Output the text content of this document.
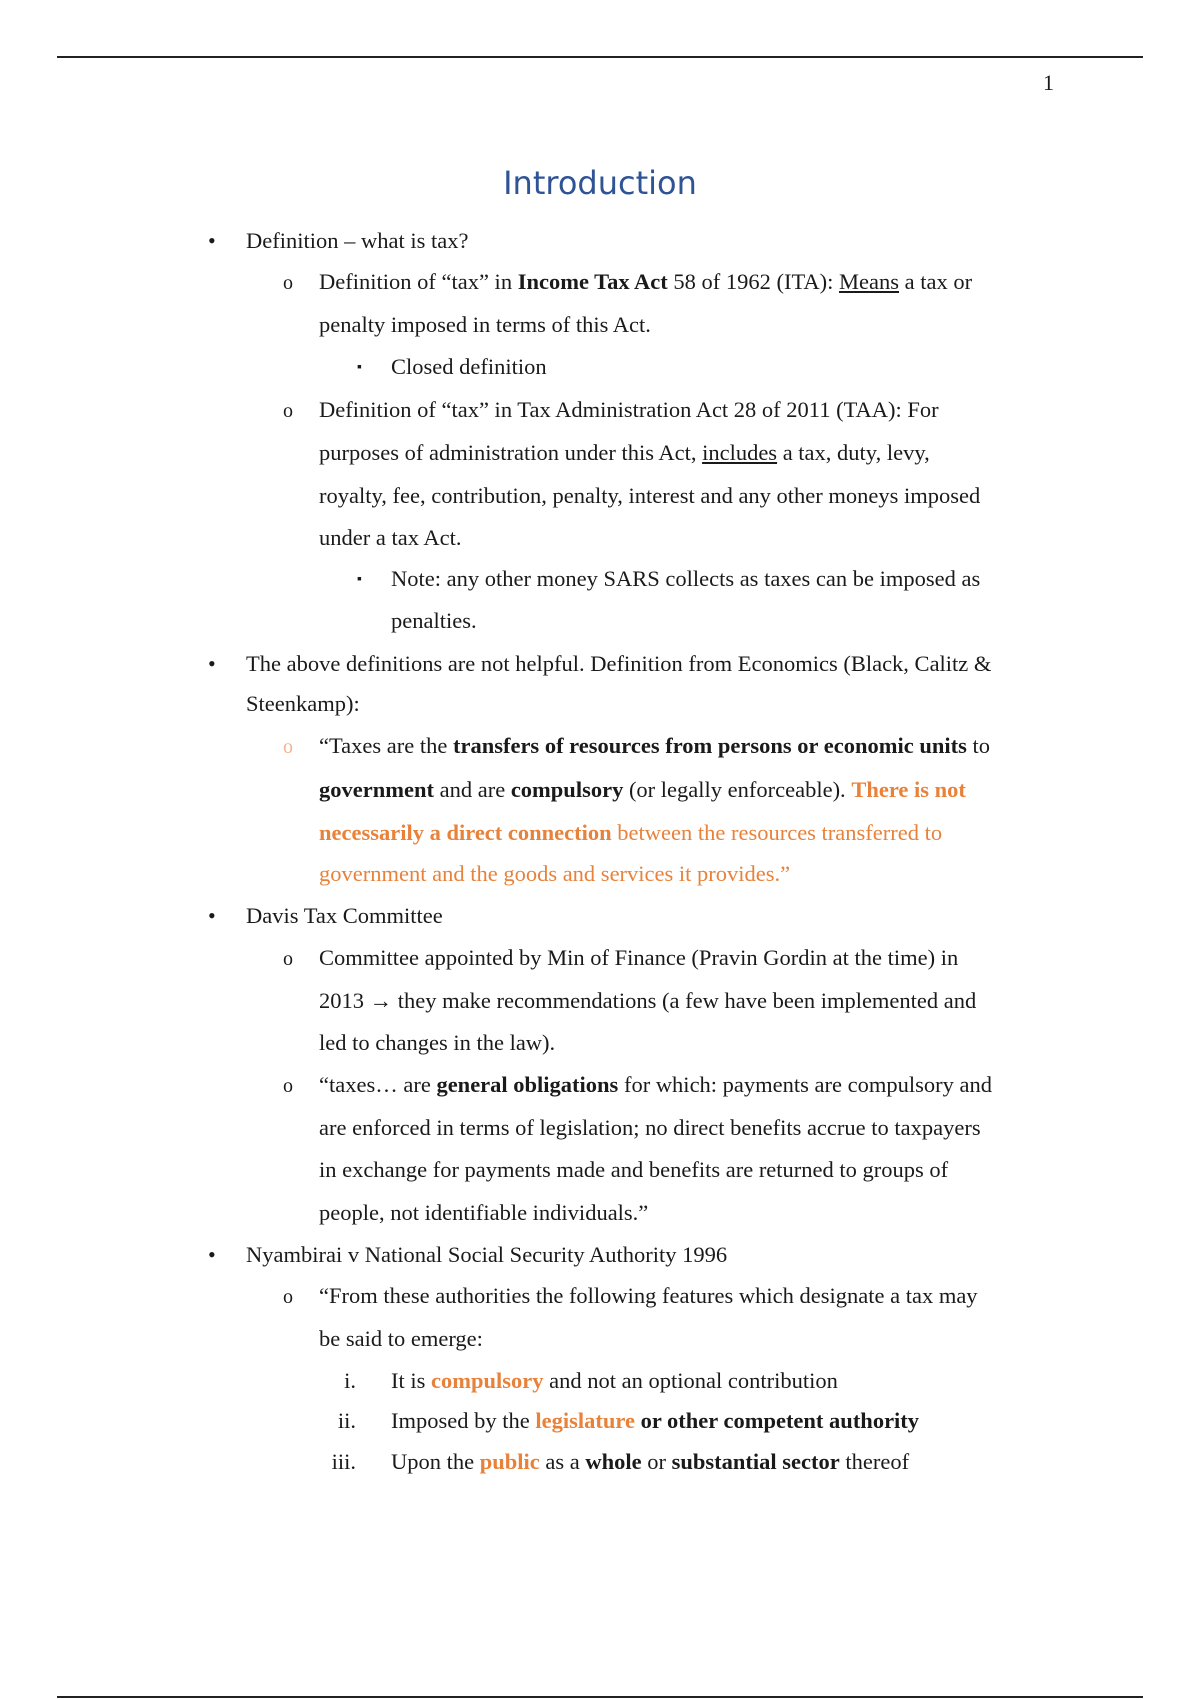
1
Introduction
• Definition – what is tax?
o Definition of “tax” in Income Tax Act 58 of 1962 (ITA): Means a tax or
penalty imposed in terms of this Act.
▪ Closed definition
o Definition of “tax” in Tax Administration Act 28 of 2011 (TAA): For
purposes of administration under this Act, includes a tax, duty, levy,
royalty, fee, contribution, penalty, interest and any other moneys imposed
under a tax Act.
▪ Note: any other money SARS collects as taxes can be imposed as
penalties.
• The above definitions are not helpful. Definition from Economics (Black, Calitz &
Steenkamp):
o “Taxes are the transfers of resources from persons or economic units to
government and are compulsory (or legally enforceable). There is not
necessarily a direct connection between the resources transferred to
government and the goods and services it provides.”
• Davis Tax Committee
o Committee appointed by Min of Finance (Pravin Gordin at the time) in
2013 → they make recommendations (a few have been implemented and
led to changes in the law).
o “taxes… are general obligations for which: payments are compulsory and
are enforced in terms of legislation; no direct benefits accrue to taxpayers
in exchange for payments made and benefits are returned to groups of
people, not identifiable individuals.”
• Nyambirai v National Social Security Authority 1996
o “From these authorities the following features which designate a tax may
be said to emerge:
i. It is compulsory and not an optional contribution
ii. Imposed by the legislature or other competent authority
iii. Upon the public as a whole or substantial sector thereof
